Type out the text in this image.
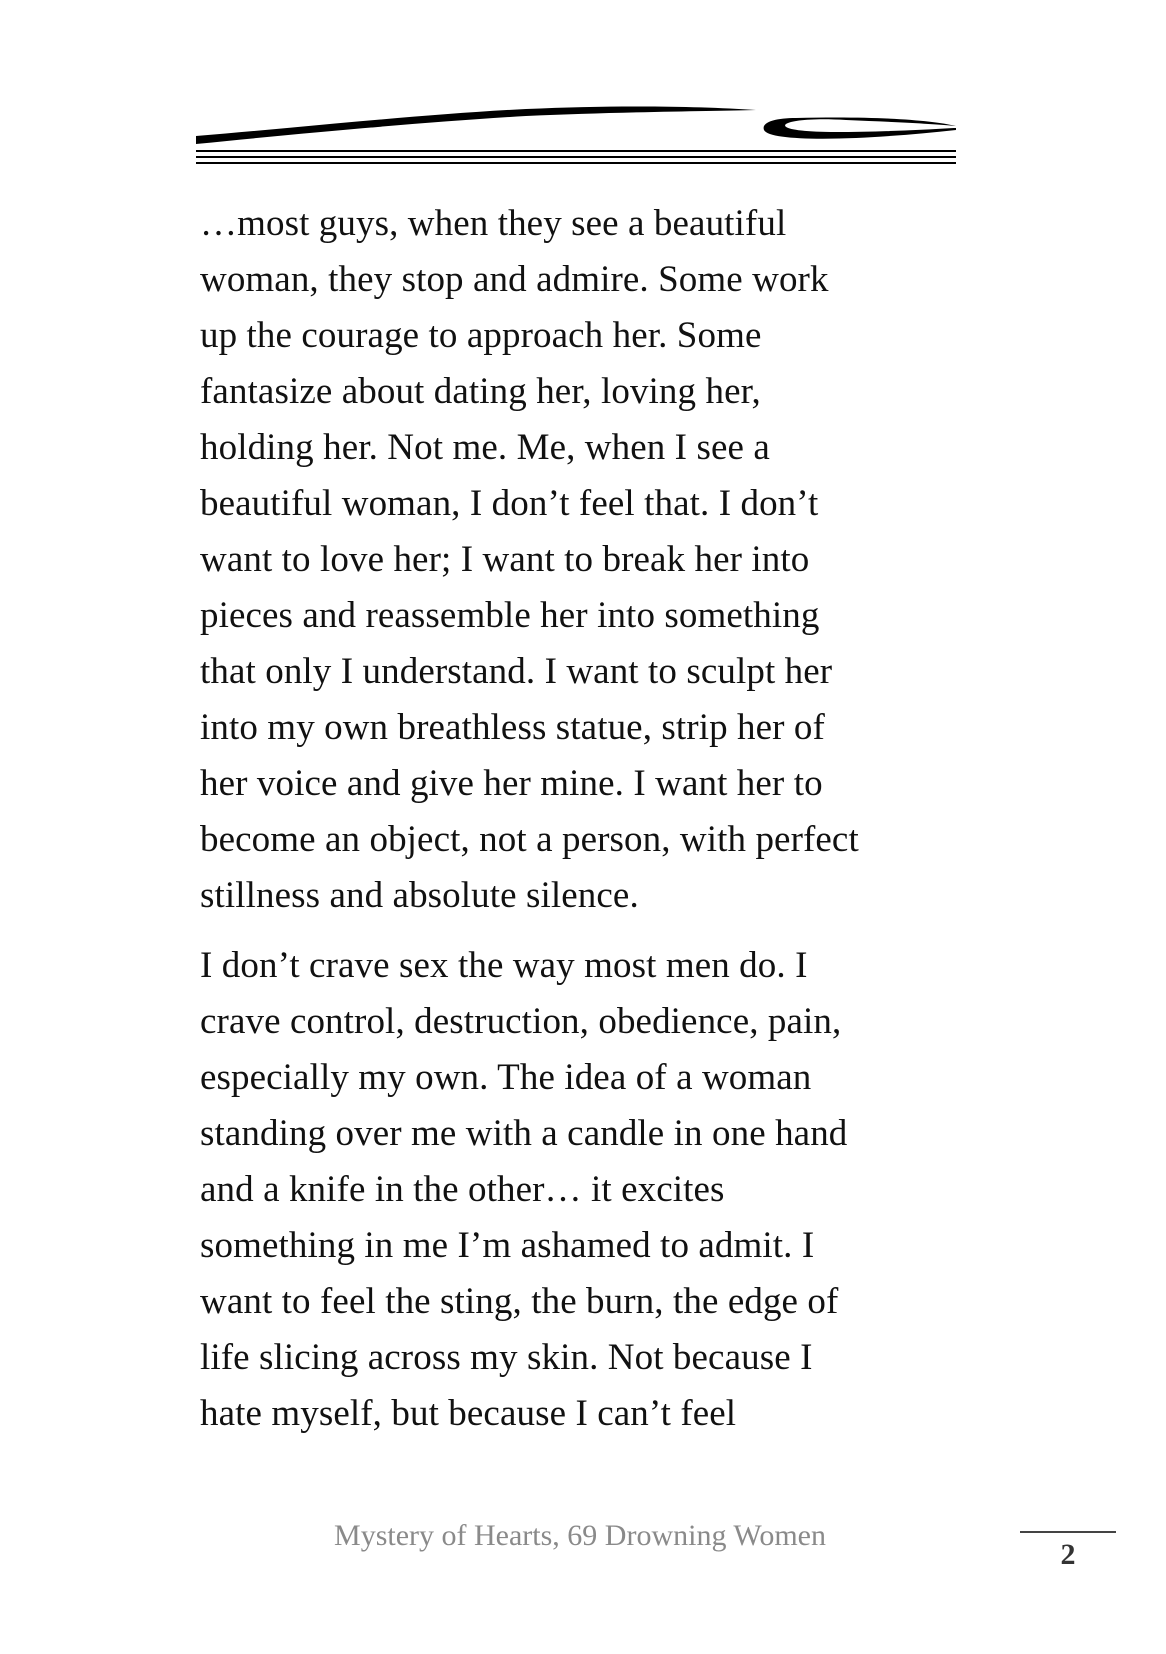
…most guys, when they see a beautiful
woman, they stop and admire. Some work
up the courage to approach her. Some
fantasize about dating her, loving her,
holding her. Not me. Me, when I see a
beautiful woman, I don’t feel that. I don’t
want to love her; I want to break her into
pieces and reassemble her into something
that only I understand. I want to sculpt her
into my own breathless statue, strip her of
her voice and give her mine. I want her to
become an object, not a person, with perfect
stillness and absolute silence.

I don’t crave sex the way most men do. I
crave control, destruction, obedience, pain,
especially my own. The idea of a woman
standing over me with a candle in one hand
and a knife in the other… it excites
something in me I’m ashamed to admit. I
want to feel the sting, the burn, the edge of
life slicing across my skin. Not because I
hate myself, but because I can’t feel

Mystery of Hearts, 69 Drowning Women
2
